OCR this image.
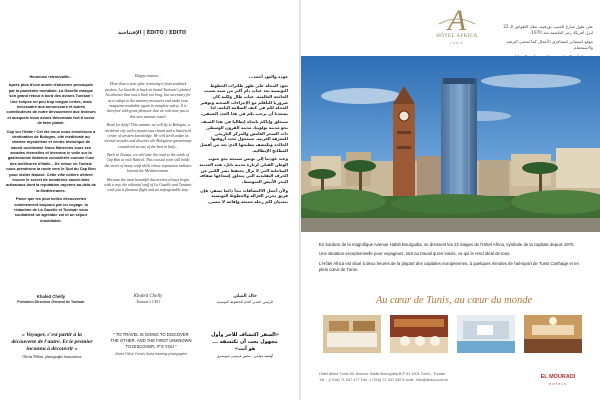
الإفتتاحية | ÉDITO / EDITO

Heureuse retrouvaille...

Après plus d'une année d'absence provoquée par la pandémie mondiale, La Gazelle marque son grand retour à bord des avions Tunisair ! Une éclipse un peu trop longue certes, mais nécessaire aux annonceurs et autres contributeurs de notre dévouement aux lecteurs et auxquels nous avons désormais fort à coeur de faire plaisir.

Cap sur l'Italie ! Cet été nous nous envolerons à destination de Bologne, cité médiévale au charme mystérieux et centre historique de savoir occidental. Nous flânerons sous ses arcades éternelles et lèverons le voile sur la gastronomie italienne considérée comme l'une des meilleures d'Italie... De retour en Tunisie nous prendrons la route vers le Sud du Cap Bon pour visiter Nabeul. Cette ville côtière détient encore le secret de nombreux savoir-faire artisanaux dont la réputation rayonne au-delà de la Méditerranée.

Parce que les plus belles découvertes commencent toujours par un voyage, la rédaction de La Gazelle et Tunisair vous souhaitent un agréable vol et un séjour inoubliable.

Happy reunion...

More than a year after removing it from seatback pockets, La Gazelle is back on board Tunisair's planes! An absence that was a little too long, but necessary for us to adapt to the sanitary measures and make your magazine available again in complete safety. It is therefore with great pleasure that we welcome you to this new summer issue!

Head for Italy! This summer we will fly to Bologna, a medieval city with a mysterious charm and a historical centre of western knowledge. We will stroll under its eternal arcades and discover the Bolognese gastronomy considered as one of the best in Italy...

Back in Tunisia, we will take the road to the south of Cap Bon to visit Nabeul. This coastal town still holds the secret of many craft skills whose reputation radiates beyond the Mediterranean.

Because the most beautiful discoveries always begin with a trip, the editorial staff of La Gazelle and Tunisair wish you a pleasant flight and an unforgettable stay.

عودة والعود أحمد...

تعود المجلة على ظهر طائرات الخطوط التونسية بعد غياب دام أكثر من سنة بسبب الجائحة العالمية. غياب طال ولكنه كان ضروريا للتأقلم مع الإجراءات الصحية وتوفير المجلة لكم في كنف السلامة التامة. لذا يسعدنا أن نرحب بكم في هذا العدد الصيفي.

سنحلق وإياكم باتجاه إيطاليا في هذا الصيف نحو مدينة بولونيا، مدينة القرون الوسطى ذات السحر الغامض والمركز التاريخي للمعرفة الغربية. سنتجول تحت أروقتها الخالدة ونكتشف مطبخها الذي يعد من أفضل المطابخ الإيطالية.

وعند عودتنا إلى تونس سنتجه نحو جنوب الوطن القبلي لزيارة مدينة نابل، هذه المدينة الساحلية التي لا تزال تحتفظ بسر الكثير من الحرف التقليدية التي يتجاوز إشعاعها ضفاف البحر الأبيض المتوسط.

ولأن أجمل الاكتشافات تبدأ دائما بسفر، فإن فريق تحرير الغزالة والخطوط التونسية يتمنيان لكم رحلة ممتعة وإقامة لا تنسى.

Khaled Chelly
Président Directeur Général de Tunisair
Khaled Chelly
Tunisair's CEO
خالد الشلي
الرئيس المدير العام للخطوط التونسية
« Voyager, c'est partir à la découverte de l'autre. Et le premier inconnu à découvrir »
Olivier Föllmi, photographe francosuisse
" TO TRAVEL IS GOING TO DISCOVER THE OTHER. AND THE FIRST UNKNOWN TO DISCOVER, IT'S YOU "
Olivier Föllmi, French-Swiss traveling photographer
«السفر اكتشاف للآخر وأول مجهول يجب أن تكتشفه ... هو أنت»
أوليفيه فولمي - مصور فرنسي سويسري
A
HÔTEL AFRICA
TUNIS

على طول شارع الحبيب بورقيبة، تطل الطوابق الـ 22 لنزل أفريكا، رمز العاصمة منذ 1970.

موقع استثنائي لمسافري الأعمال كما لمحبي الترفيه والاستجمام.

En bordure de la magnifique Avenue Habib Bourguiba, se dressent les 22 étages de l'Hôtel Africa, symbole de la capitale depuis 1970.

Une situation exceptionnelle pour voyageurs, tant au travail qu'en loisirs, ce qui le rend idéal de tous.

L'Hôtel Africa est situé à deux heures de la plupart des capitales européennes, à quelques minutes de l'aéroport de Tunis Carthage et en plein cœur de Tunis.

Au cœur de Tunis, au cœur du monde
Hôtel Africa Tunis 50, Avenue Habib Bourguiba B.P 51 1001 Tunis - Tunisie
Tél. : (+216) 71 347 477 Fax : (+216) 71 347 432 E-mail : info@africa.com.tn	EL MOURADI
HOTELS
